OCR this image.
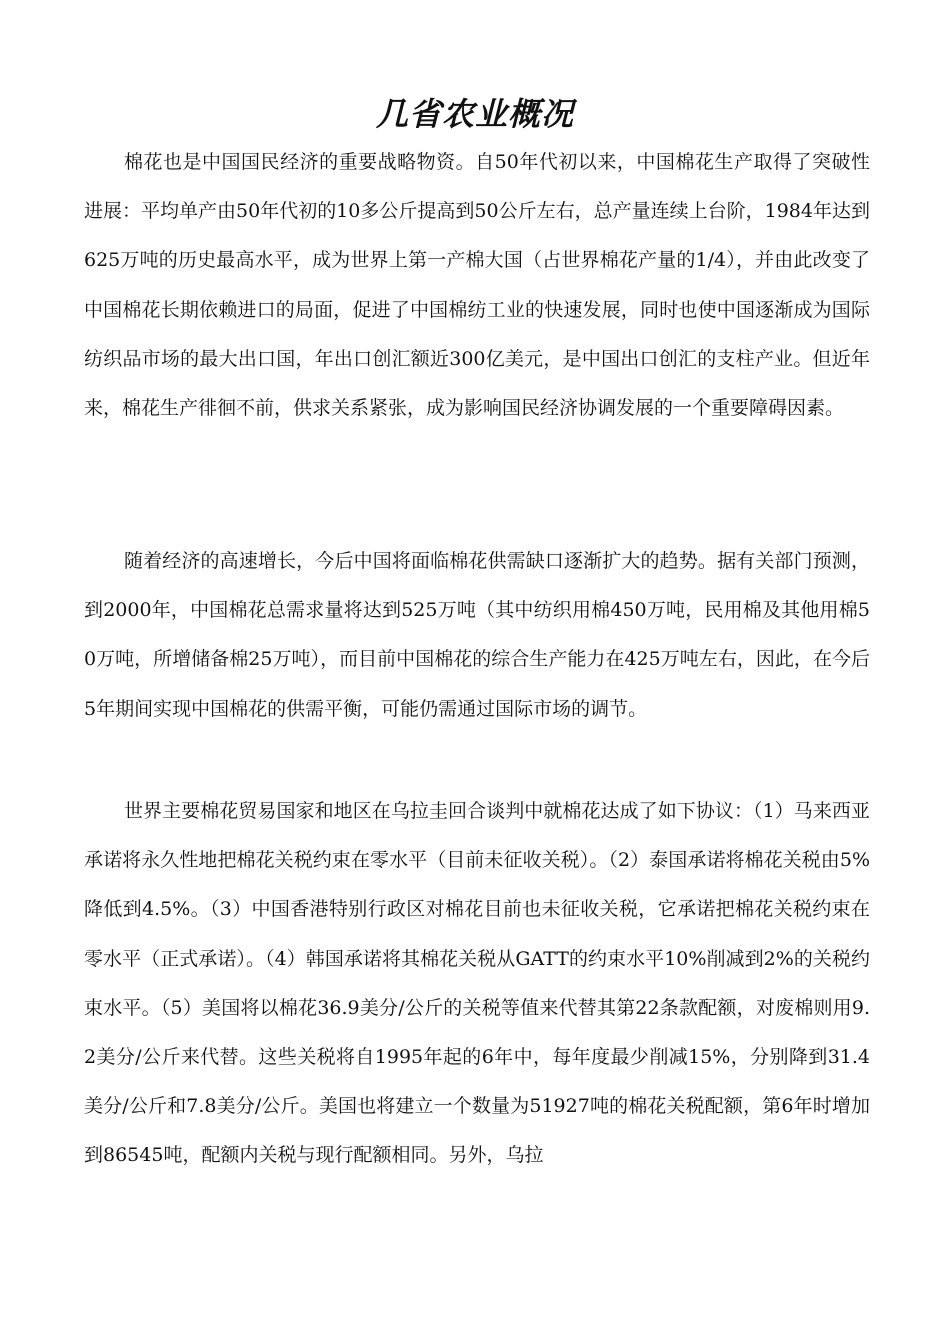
几省农业概况

棉花也是中国国民经济的重要战略物资。自50年代初以来，中国棉花生产取得了突破性进展：平均单产由50年代初的10多公斤提高到50公斤左右，总产量连续上台阶，1984年达到625万吨的历史最高水平，成为世界上第一产棉大国（占世界棉花产量的1/4），并由此改变了中国棉花长期依赖进口的局面，促进了中国棉纺工业的快速发展，同时也使中国逐渐成为国际纺织品市场的最大出口国，年出口创汇额近300亿美元，是中国出口创汇的支柱产业。但近年来，棉花生产徘徊不前，供求关系紧张，成为影响国民经济协调发展的一个重要障碍因素。

随着经济的高速增长，今后中国将面临棉花供需缺口逐渐扩大的趋势。据有关部门预测，到2000年，中国棉花总需求量将达到525万吨（其中纺织用棉450万吨，民用棉及其他用棉50万吨，所增储备棉25万吨），而目前中国棉花的综合生产能力在425万吨左右，因此，在今后5年期间实现中国棉花的供需平衡，可能仍需通过国际市场的调节。

世界主要棉花贸易国家和地区在乌拉圭回合谈判中就棉花达成了如下协议：（1）马来西亚承诺将永久性地把棉花关税约束在零水平（目前未征收关税）。（2）泰国承诺将棉花关税由5%降低到4.5%。（3）中国香港特别行政区对棉花目前也未征收关税，它承诺把棉花关税约束在零水平（正式承诺）。（4）韩国承诺将其棉花关税从GATT的约束水平10%削减到2%的关税约束水平。（5）美国将以棉花36.9美分/公斤的关税等值来代替其第22条款配额，对废棉则用9.2美分/公斤来代替。这些关税将自1995年起的6年中，每年度最少削减15%，分别降到31.4美分/公斤和7.8美分/公斤。美国也将建立一个数量为51927吨的棉花关税配额，第6年时增加到86545吨，配额内关税与现行配额相同。另外，乌拉
